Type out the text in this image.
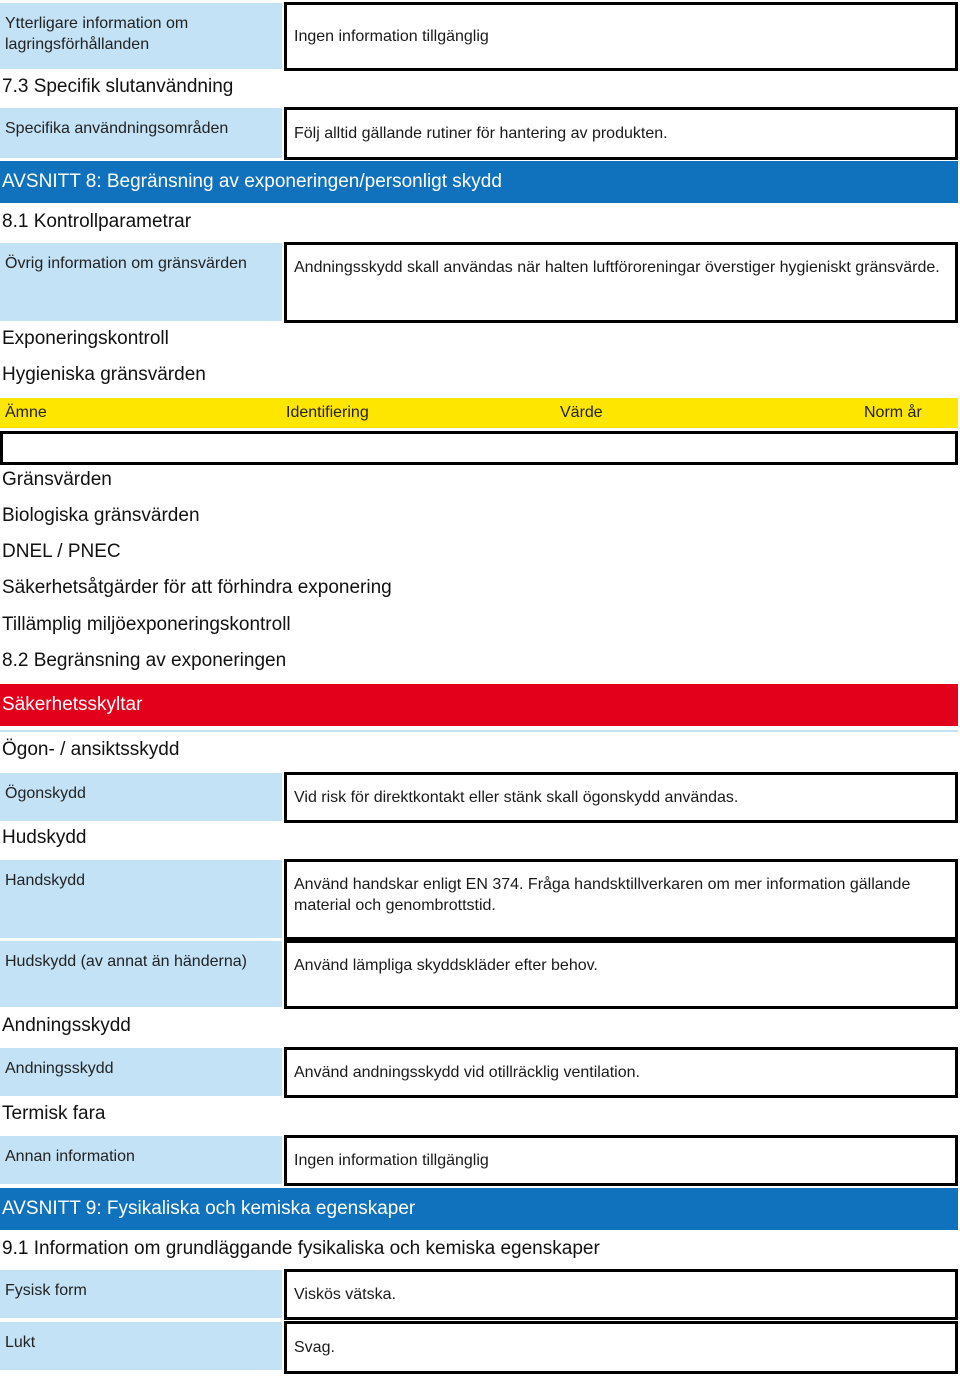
Ytterligare information om lagringsförhållanden	Ingen information tillgänglig
7.3 Specifik slutanvändning
Specifika användningsområden	Följ alltid gällande rutiner för hantering av produkten.
AVSNITT 8: Begränsning av exponeringen/personligt skydd
8.1 Kontrollparametrar
Övrig information om gränsvärden	Andningsskydd skall användas när halten luftföroreningar överstiger hygieniskt gränsvärde.
Exponeringskontroll
Hygieniska gränsvärden
Ämne	Identifiering	Värde	Norm år
Gränsvärden
Biologiska gränsvärden
DNEL / PNEC
Säkerhetsåtgärder för att förhindra exponering
Tillämplig miljöexponeringskontroll
8.2 Begränsning av exponeringen
Säkerhetsskyltar
Ögon- / ansiktsskydd
Ögonskydd	Vid risk för direktkontakt eller stänk skall ögonskydd användas.
Hudskydd
Handskydd	Använd handskar enligt EN 374. Fråga handsktillverkaren om mer information gällande material och genombrottstid.
Hudskydd (av annat än händerna)	Använd lämpliga skyddskläder efter behov.
Andningsskydd
Andningsskydd	Använd andningsskydd vid otillräcklig ventilation.
Termisk fara
Annan information	Ingen information tillgänglig
AVSNITT 9: Fysikaliska och kemiska egenskaper
9.1 Information om grundläggande fysikaliska och kemiska egenskaper
Fysisk form	Viskös vätska.
Lukt	Svag.
